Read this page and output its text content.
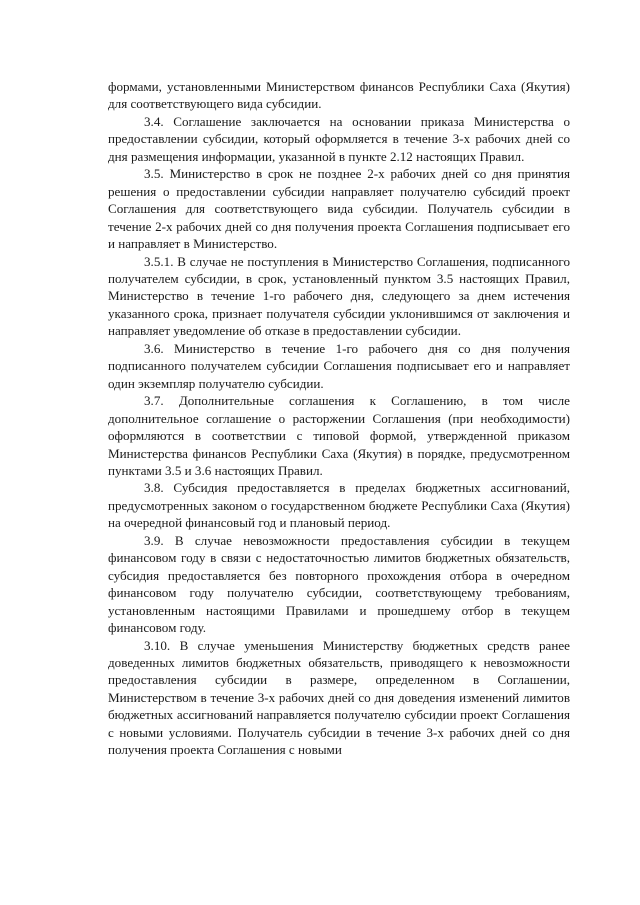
формами, установленными Министерством финансов Республики Саха (Якутия) для соответствующего вида субсидии.

3.4. Соглашение заключается на основании приказа Министерства о предоставлении субсидии, который оформляется в течение 3-х рабочих дней со дня размещения информации, указанной в пункте 2.12 настоящих Правил.

3.5. Министерство в срок не позднее 2-х рабочих дней со дня принятия решения о предоставлении субсидии направляет получателю субсидий проект Соглашения для соответствующего вида субсидии. Получатель субсидии в течение 2-х рабочих дней со дня получения проекта Соглашения подписывает его и направляет в Министерство.

3.5.1. В случае не поступления в Министерство Соглашения, подписанного получателем субсидии, в срок, установленный пунктом 3.5 настоящих Правил, Министерство в течение 1-го рабочего дня, следующего за днем истечения указанного срока, признает получателя субсидии уклонившимся от заключения и направляет уведомление об отказе в предоставлении субсидии.

3.6. Министерство в течение 1-го рабочего дня со дня получения подписанного получателем субсидии Соглашения подписывает его и направляет один экземпляр получателю субсидии.

3.7. Дополнительные соглашения к Соглашению, в том числе дополнительное соглашение о расторжении Соглашения (при необходимости) оформляются в соответствии с типовой формой, утвержденной приказом Министерства финансов Республики Саха (Якутия) в порядке, предусмотренном пунктами 3.5 и 3.6 настоящих Правил.

3.8. Субсидия предоставляется в пределах бюджетных ассигнований, предусмотренных законом о государственном бюджете Республики Саха (Якутия) на очередной финансовый год и плановый период.

3.9. В случае невозможности предоставления субсидии в текущем финансовом году в связи с недостаточностью лимитов бюджетных обязательств, субсидия предоставляется без повторного прохождения отбора в очередном финансовом году получателю субсидии, соответствующему требованиям, установленным настоящими Правилами и прошедшему отбор в текущем финансовом году.

3.10. В случае уменьшения Министерству бюджетных средств ранее доведенных лимитов бюджетных обязательств, приводящего к невозможности предоставления субсидии в размере, определенном в Соглашении, Министерством в течение 3-х рабочих дней со дня доведения изменений лимитов бюджетных ассигнований направляется получателю субсидии проект Соглашения с новыми условиями. Получатель субсидии в течение 3-х рабочих дней со дня получения проекта Соглашения с новыми
